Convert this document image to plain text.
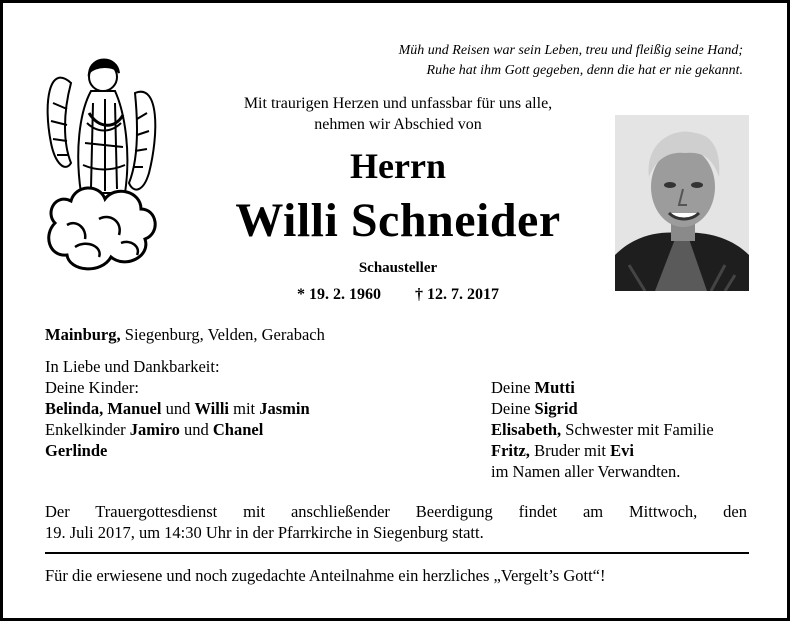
Müh und Reisen war sein Leben, treu und fleißig seine Hand;
Ruhe hat ihm Gott gegeben, denn die hat er nie gekannt.
Mit traurigen Herzen und unfassbar für uns alle,
nehmen wir Abschied von
Herrn
Willi Schneider
Schausteller
* 19. 2. 1960 † 12. 7. 2017
Mainburg, Siegenburg, Velden, Gerabach
In Liebe und Dankbarkeit:
Deine Kinder:
Belinda, Manuel und Willi mit Jasmin
Enkelkinder Jamiro und Chanel
Gerlinde
Deine Mutti
Deine Sigrid
Elisabeth, Schwester mit Familie
Fritz, Bruder mit Evi
im Namen aller Verwandten.
Der Trauergottesdienst mit anschließender Beerdigung findet am Mittwoch, den
19. Juli 2017, um 14:30 Uhr in der Pfarrkirche in Siegenburg statt.
Für die erwiesene und noch zugedachte Anteilnahme ein herzliches „Vergelt’s Gott“!
